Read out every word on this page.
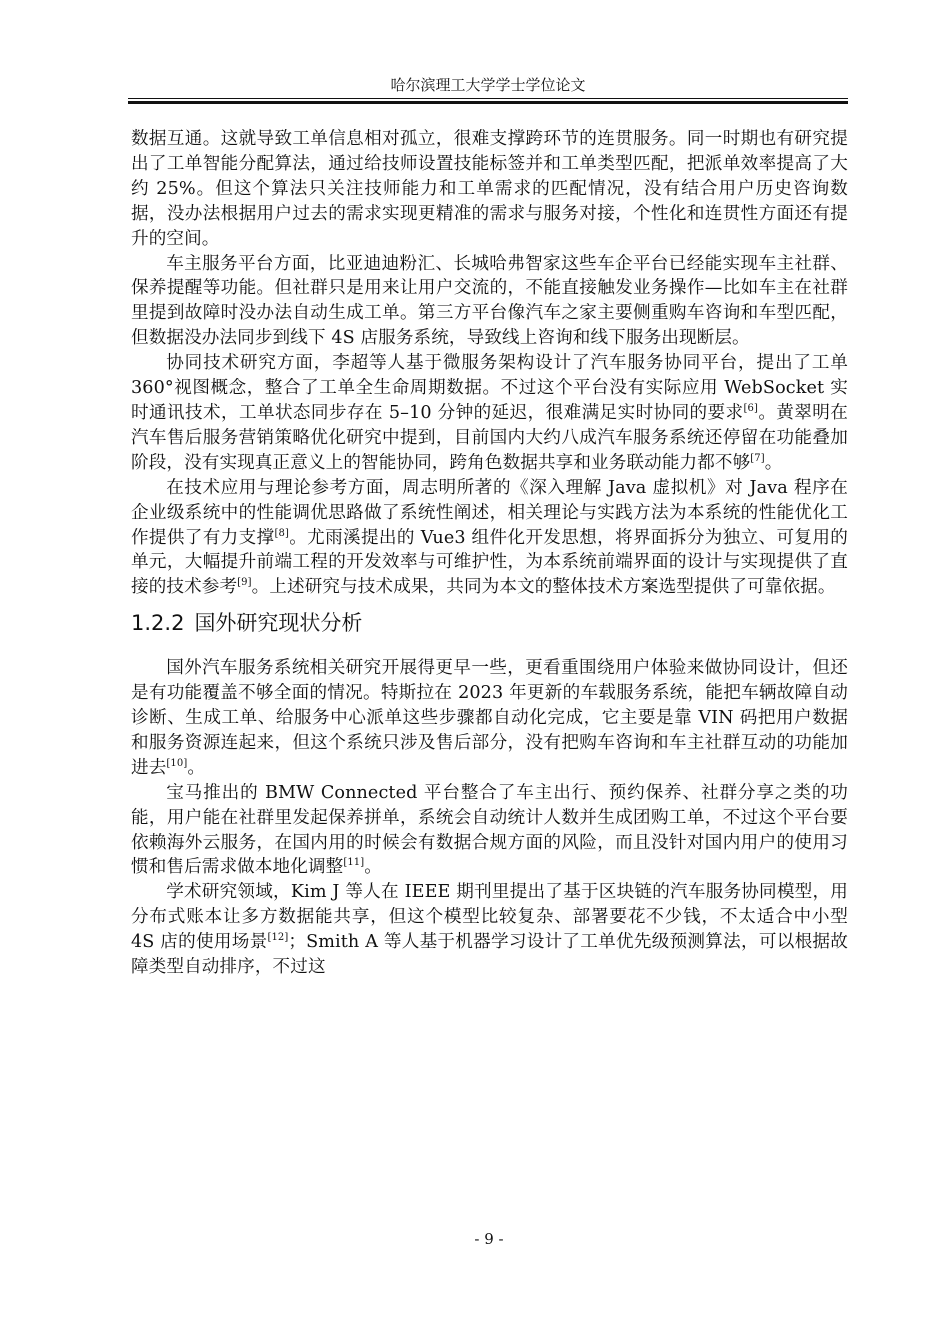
哈尔滨理工大学学士学位论文

数据互通。这就导致工单信息相对孤立，很难支撑跨环节的连贯服务。同一时期也有研究提出了工单智能分配算法，通过给技师设置技能标签并和工单类型匹配，把派单效率提高了大约 25%。但这个算法只关注技师能力和工单需求的匹配情况，没有结合用户历史咨询数据，没办法根据用户过去的需求实现更精准的需求与服务对接，个性化和连贯性方面还有提升的空间。

车主服务平台方面，比亚迪迪粉汇、长城哈弗智家这些车企平台已经能实现车主社群、保养提醒等功能。但社群只是用来让用户交流的，不能直接触发业务操作—比如车主在社群里提到故障时没办法自动生成工单。第三方平台像汽车之家主要侧重购车咨询和车型匹配，但数据没办法同步到线下 4S 店服务系统，导致线上咨询和线下服务出现断层。

协同技术研究方面，李超等人基于微服务架构设计了汽车服务协同平台，提出了工单 360°视图概念，整合了工单全生命周期数据。不过这个平台没有实际应用 WebSocket 实时通讯技术，工单状态同步存在 5–10 分钟的延迟，很难满足实时协同的要求[6]。黄翠明在汽车售后服务营销策略优化研究中提到，目前国内大约八成汽车服务系统还停留在功能叠加阶段，没有实现真正意义上的智能协同，跨角色数据共享和业务联动能力都不够[7]。

在技术应用与理论参考方面，周志明所著的《深入理解 Java 虚拟机》对 Java 程序在企业级系统中的性能调优思路做了系统性阐述，相关理论与实践方法为本系统的性能优化工作提供了有力支撑[8]。尤雨溪提出的 Vue3 组件化开发思想，将界面拆分为独立、可复用的单元，大幅提升前端工程的开发效率与可维护性，为本系统前端界面的设计与实现提供了直接的技术参考[9]。上述研究与技术成果，共同为本文的整体技术方案选型提供了可靠依据。

1.2.2 国外研究现状分析

国外汽车服务系统相关研究开展得更早一些，更看重围绕用户体验来做协同设计，但还是有功能覆盖不够全面的情况。特斯拉在 2023 年更新的车载服务系统，能把车辆故障自动诊断、生成工单、给服务中心派单这些步骤都自动化完成，它主要是靠 VIN 码把用户数据和服务资源连起来，但这个系统只涉及售后部分，没有把购车咨询和车主社群互动的功能加进去[10]。

宝马推出的 BMW Connected 平台整合了车主出行、预约保养、社群分享之类的功能，用户能在社群里发起保养拼单，系统会自动统计人数并生成团购工单，不过这个平台要依赖海外云服务，在国内用的时候会有数据合规方面的风险，而且没针对国内用户的使用习惯和售后需求做本地化调整[11]。

学术研究领域，Kim J 等人在 IEEE 期刊里提出了基于区块链的汽车服务协同模型，用分布式账本让多方数据能共享，但这个模型比较复杂、部署要花不少钱，不太适合中小型 4S 店的使用场景[12]；Smith A 等人基于机器学习设计了工单优先级预测算法，可以根据故障类型自动排序，不过这

- 9 -
